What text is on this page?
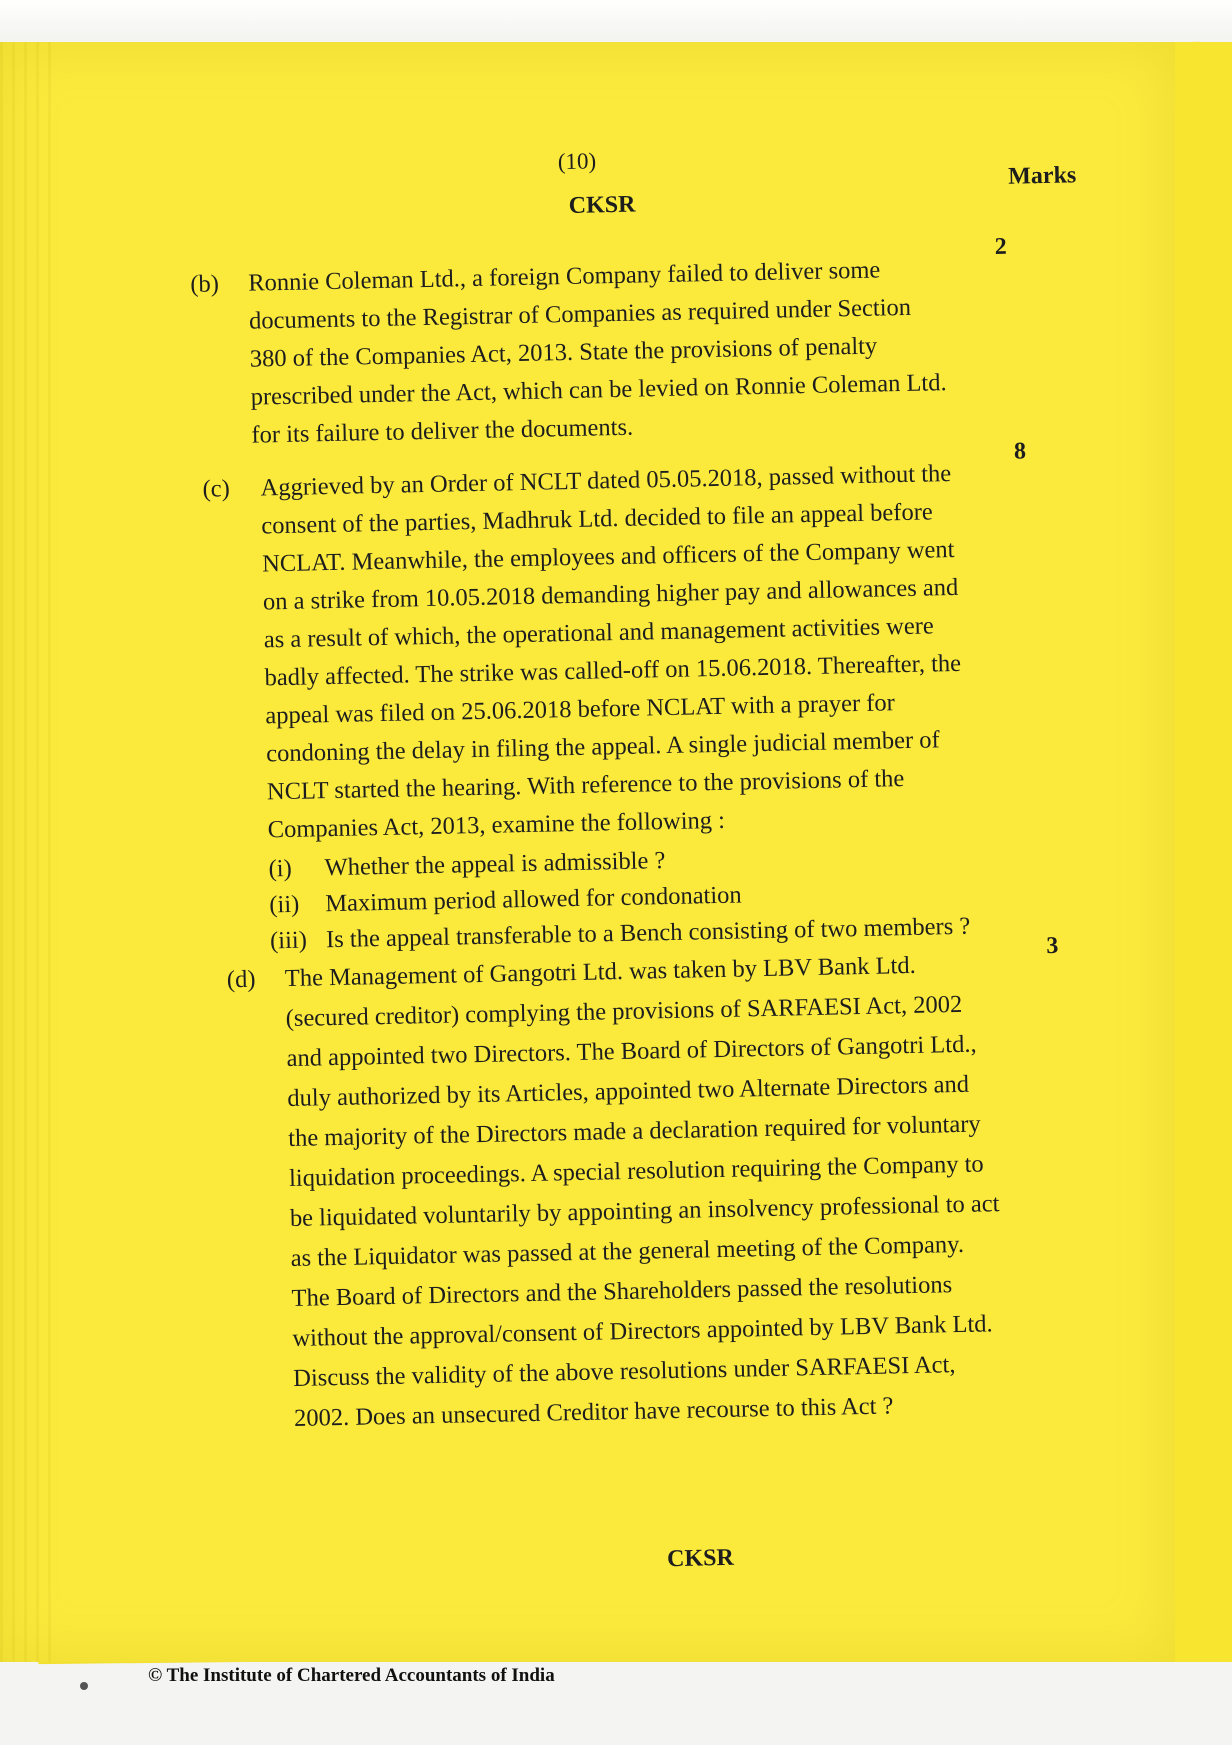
(10)
CKSR
Marks
(b) Ronnie Coleman Ltd., a foreign Company failed to deliver some documents to the Registrar of Companies as required under Section 380 of the Companies Act, 2013. State the provisions of penalty prescribed under the Act, which can be levied on Ronnie Coleman Ltd. for its failure to deliver the documents.
2
(c) Aggrieved by an Order of NCLT dated 05.05.2018, passed without the consent of the parties, Madhruk Ltd. decided to file an appeal before NCLAT. Meanwhile, the employees and officers of the Company went on a strike from 10.05.2018 demanding higher pay and allowances and as a result of which, the operational and management activities were badly affected. The strike was called-off on 15.06.2018. Thereafter, the appeal was filed on 25.06.2018 before NCLAT with a prayer for condoning the delay in filing the appeal. A single judicial member of NCLT started the hearing. With reference to the provisions of the Companies Act, 2013, examine the following :
(i) Whether the appeal is admissible ?
(ii) Maximum period allowed for condonation
(iii) Is the appeal transferable to a Bench consisting of two members ?
8
(d) The Management of Gangotri Ltd. was taken by LBV Bank Ltd. (secured creditor) complying the provisions of SARFAESI Act, 2002 and appointed two Directors. The Board of Directors of Gangotri Ltd., duly authorized by its Articles, appointed two Alternate Directors and the majority of the Directors made a declaration required for voluntary liquidation proceedings. A special resolution requiring the Company to be liquidated voluntarily by appointing an insolvency professional to act as the Liquidator was passed at the general meeting of the Company. The Board of Directors and the Shareholders passed the resolutions without the approval/consent of Directors appointed by LBV Bank Ltd. Discuss the validity of the above resolutions under SARFAESI Act, 2002. Does an unsecured Creditor have recourse to this Act ?
3
CKSR
© The Institute of Chartered Accountants of India
